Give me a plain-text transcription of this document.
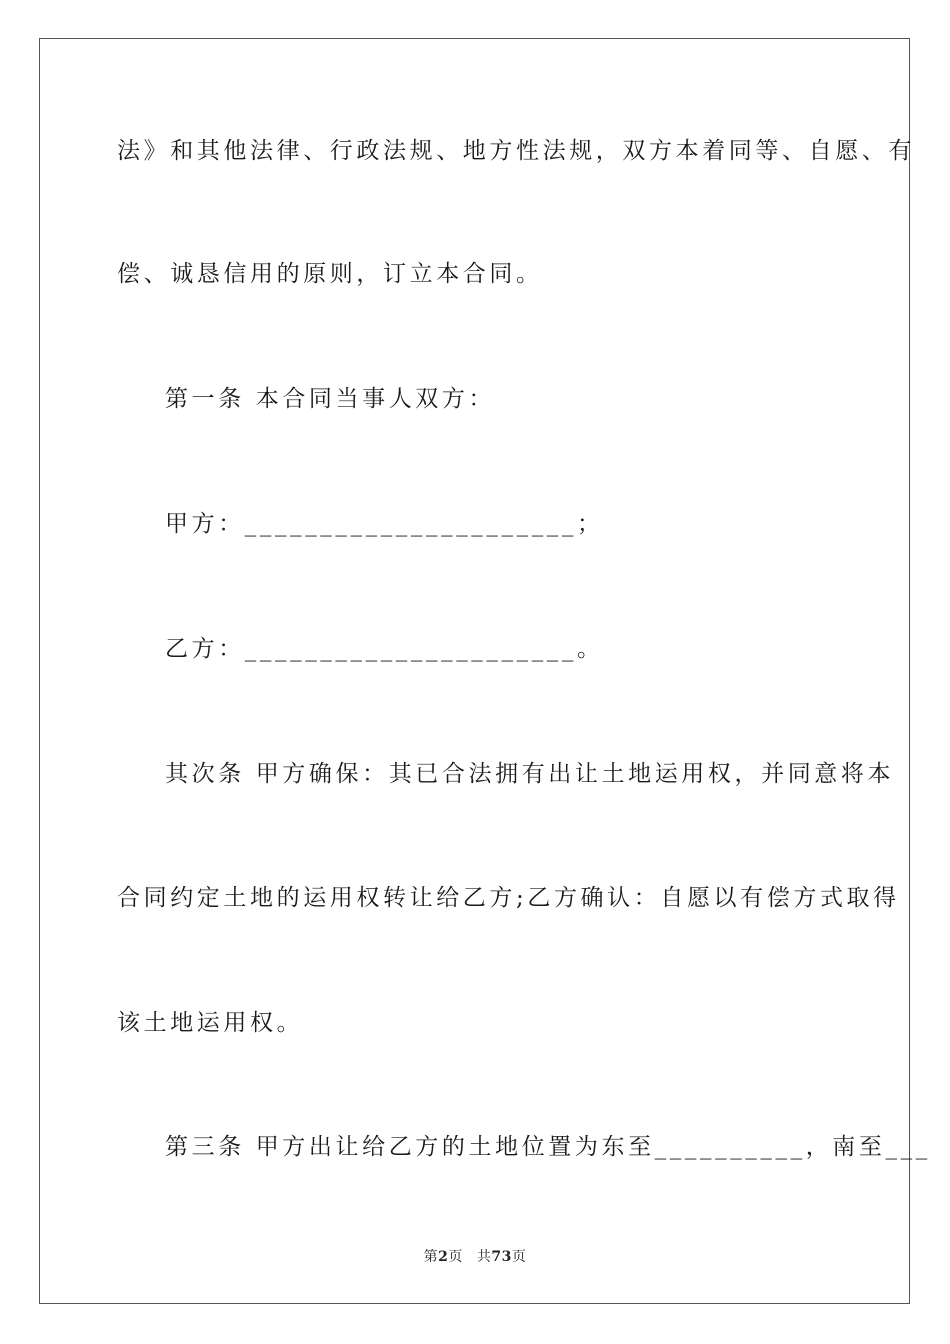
法》和其他法律、行政法规、地方性法规，双方本着同等、自愿、有
偿、诚恳信用的原则，订立本合同。
第一条 本合同当事人双方：
甲方：______________________；
乙方：______________________。
其次条 甲方确保：其已合法拥有出让土地运用权，并同意将本
合同约定土地的运用权转让给乙方;乙方确认：自愿以有偿方式取得
该土地运用权。
第三条 甲方出让给乙方的土地位置为东至__________，南至___
第2页 共73页
